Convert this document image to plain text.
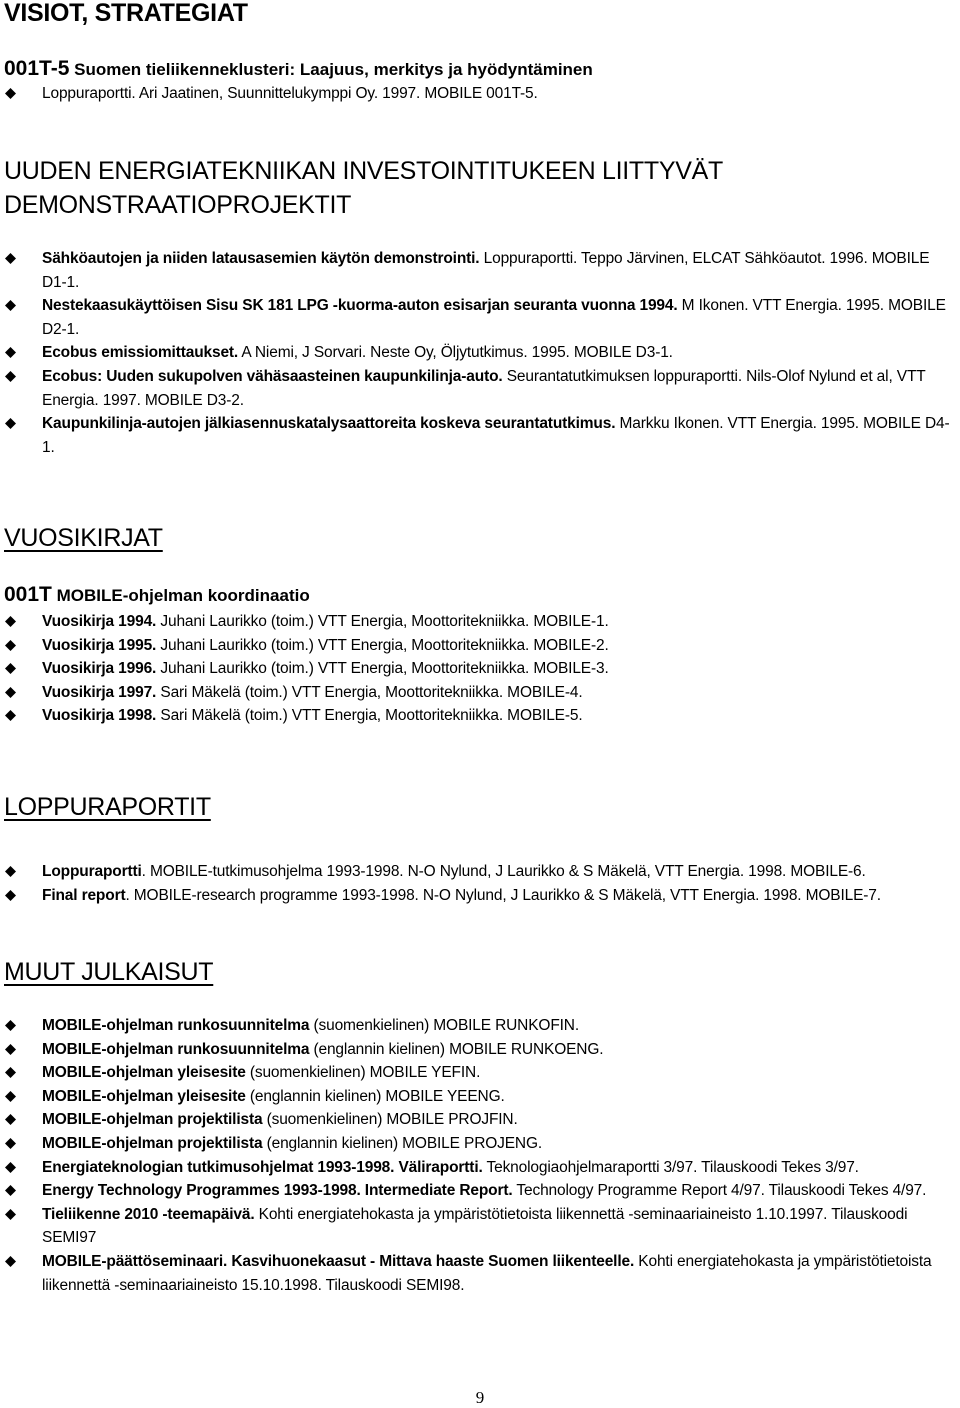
VISIOT, STRATEGIAT
001T-5 Suomen tieliikenneklusteri: Laajuus, merkitys ja hyödyntäminen
Loppuraportti. Ari Jaatinen, Suunnittelukymppi Oy. 1997. MOBILE 001T-5.
UUDEN ENERGIATEKNIIKAN INVESTOINTITUKEEN LIITTYVÄT
DEMONSTRAATIOPROJEKTIT
Sähköautojen ja niiden latausasemien käytön demonstrointi. Loppuraportti. Teppo Järvinen, ELCAT Sähköautot. 1996. MOBILE D1-1.
Nestekaasukäyttöisen Sisu SK 181 LPG -kuorma-auton esisarjan seuranta vuonna 1994. M Ikonen. VTT Energia. 1995. MOBILE D2-1.
Ecobus emissiomittaukset. A Niemi, J Sorvari. Neste Oy, Öljytutkimus. 1995. MOBILE D3-1.
Ecobus: Uuden sukupolven vähäsaasteinen kaupunkilinja-auto. Seurantatutkimuksen loppuraportti. Nils-Olof Nylund et al, VTT Energia. 1997. MOBILE D3-2.
Kaupunkilinja-autojen jälkiasennuskatalysaattoreita koskeva seurantatutkimus. Markku Ikonen. VTT Energia. 1995. MOBILE D4-1.
VUOSIKIRJAT
001T MOBILE-ohjelman koordinaatio
Vuosikirja 1994. Juhani Laurikko (toim.) VTT Energia, Moottoritekniikka. MOBILE-1.
Vuosikirja 1995. Juhani Laurikko (toim.) VTT Energia, Moottoritekniikka. MOBILE-2.
Vuosikirja 1996. Juhani Laurikko (toim.) VTT Energia, Moottoritekniikka. MOBILE-3.
Vuosikirja 1997. Sari Mäkelä (toim.) VTT Energia, Moottoritekniikka. MOBILE-4.
Vuosikirja 1998. Sari Mäkelä (toim.) VTT Energia, Moottoritekniikka. MOBILE-5.
LOPPURAPORTIT
Loppuraportti. MOBILE-tutkimusohjelma 1993-1998. N-O Nylund, J Laurikko & S Mäkelä, VTT Energia. 1998. MOBILE-6.
Final report. MOBILE-research programme 1993-1998. N-O Nylund, J Laurikko & S Mäkelä, VTT Energia. 1998. MOBILE-7.
MUUT JULKAISUT
MOBILE-ohjelman runkosuunnitelma (suomenkielinen) MOBILE RUNKOFIN.
MOBILE-ohjelman runkosuunnitelma (englannin kielinen) MOBILE RUNKOENG.
MOBILE-ohjelman yleisesite (suomenkielinen) MOBILE YEFIN.
MOBILE-ohjelman yleisesite (englannin kielinen) MOBILE YEENG.
MOBILE-ohjelman projektilista (suomenkielinen) MOBILE PROJFIN.
MOBILE-ohjelman projektilista (englannin kielinen) MOBILE PROJENG.
Energiateknologian tutkimusohjelmat 1993-1998. Väliraportti. Teknologiaohjelmaraportti 3/97. Tilauskoodi Tekes 3/97.
Energy Technology Programmes 1993-1998. Intermediate Report. Technology Programme Report 4/97. Tilauskoodi Tekes 4/97.
Tieliikenne 2010 -teemapäivä. Kohti energiatehokasta ja ympäristötietoista liikennettä -seminaariaineisto 1.10.1997. Tilauskoodi SEMI97
MOBILE-päättöseminaari. Kasvihuonekaasut - Mittava haaste Suomen liikenteelle. Kohti energiatehokasta ja ympäristötietoista liikennettä -seminaariaineisto 15.10.1998. Tilauskoodi SEMI98.
9
